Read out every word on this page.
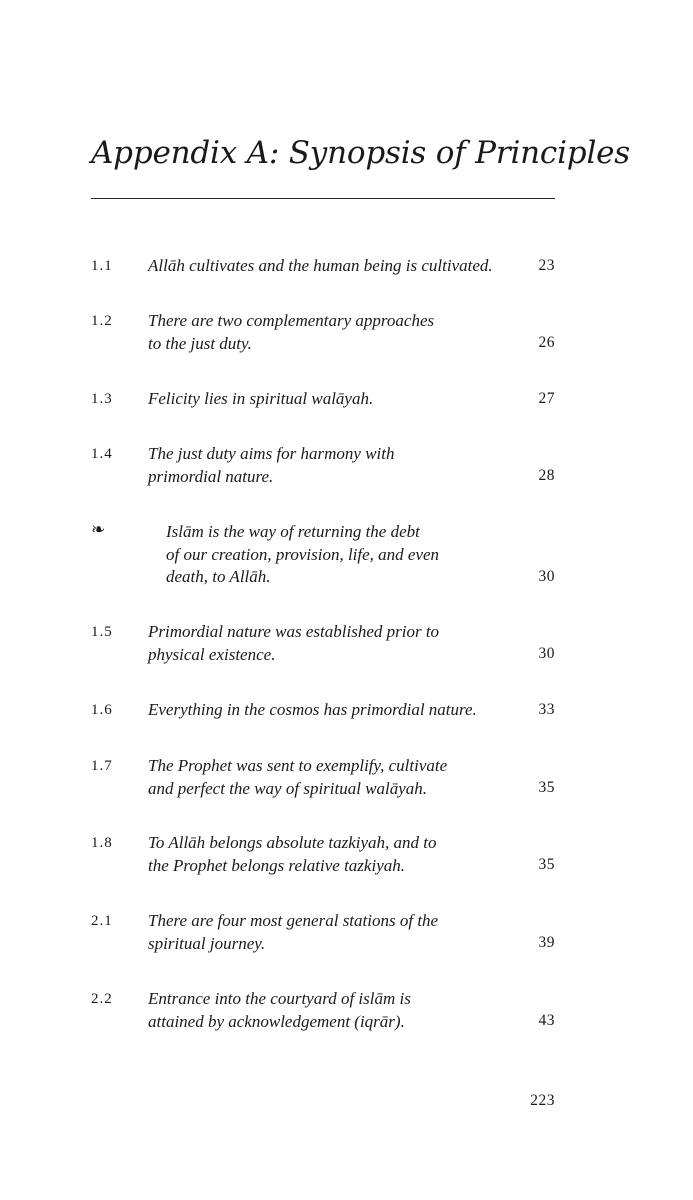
Appendix A: Synopsis of Principles
1.1 Allāh cultivates and the human being is cultivated.	23
1.2 There are two complementary approaches
to the just duty.	26
1.3 Felicity lies in spiritual walāyah.	27
1.4 The just duty aims for harmony with
primordial nature.	28
❧	Islām is the way of returning the debt
of our creation, provision, life, and even
death, to Allāh.	30
1.5 Primordial nature was established prior to
physical existence.	30
1.6 Everything in the cosmos has primordial nature.	33
1.7 The Prophet was sent to exemplify, cultivate
and perfect the way of spiritual walāyah.	35
1.8 To Allāh belongs absolute tazkiyah, and to
the Prophet belongs relative tazkiyah.	35
2.1 There are four most general stations of the
spiritual journey.	39
2.2 Entrance into the courtyard of islām is
attained by acknowledgement (iqrār).	43
223
